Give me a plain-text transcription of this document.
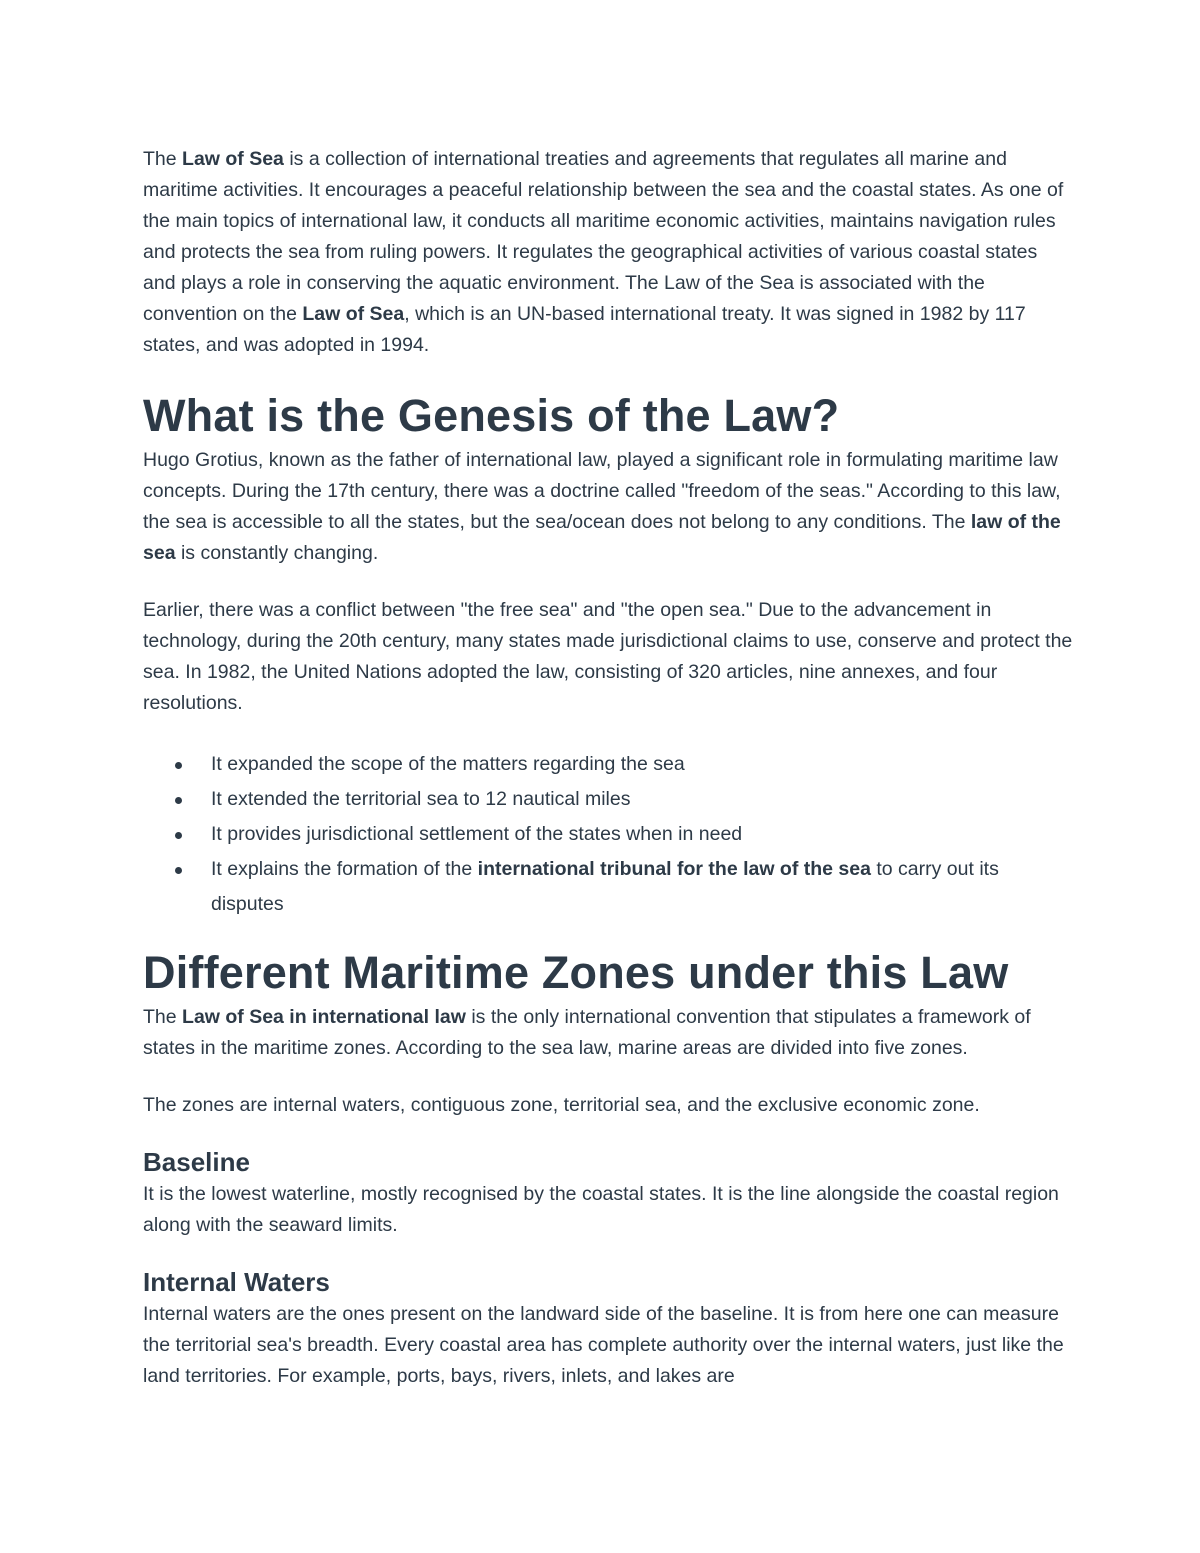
The Law of Sea is a collection of international treaties and agreements that regulates all marine and maritime activities. It encourages a peaceful relationship between the sea and the coastal states. As one of the main topics of international law, it conducts all maritime economic activities, maintains navigation rules and protects the sea from ruling powers. It regulates the geographical activities of various coastal states and plays a role in conserving the aquatic environment. The Law of the Sea is associated with the convention on the Law of Sea, which is an UN-based international treaty. It was signed in 1982 by 117 states, and was adopted in 1994.

What is the Genesis of the Law?

Hugo Grotius, known as the father of international law, played a significant role in formulating maritime law concepts. During the 17th century, there was a doctrine called "freedom of the seas." According to this law, the sea is accessible to all the states, but the sea/ocean does not belong to any conditions. The law of the sea is constantly changing.

Earlier, there was a conflict between "the free sea" and "the open sea." Due to the advancement in technology, during the 20th century, many states made jurisdictional claims to use, conserve and protect the sea. In 1982, the United Nations adopted the law, consisting of 320 articles, nine annexes, and four resolutions.

It expanded the scope of the matters regarding the sea
It extended the territorial sea to 12 nautical miles
It provides jurisdictional settlement of the states when in need
It explains the formation of the international tribunal for the law of the sea to carry out its
disputes
Different Maritime Zones under this Law

The Law of Sea in international law is the only international convention that stipulates a framework of states in the maritime zones. According to the sea law, marine areas are divided into five zones.

The zones are internal waters, contiguous zone, territorial sea, and the exclusive economic zone.

Baseline

It is the lowest waterline, mostly recognised by the coastal states. It is the line alongside the coastal region along with the seaward limits.

Internal Waters

Internal waters are the ones present on the landward side of the baseline. It is from here one can measure the territorial sea's breadth. Every coastal area has complete authority over the internal waters, just like the land territories. For example, ports, bays, rivers, inlets, and lakes are
